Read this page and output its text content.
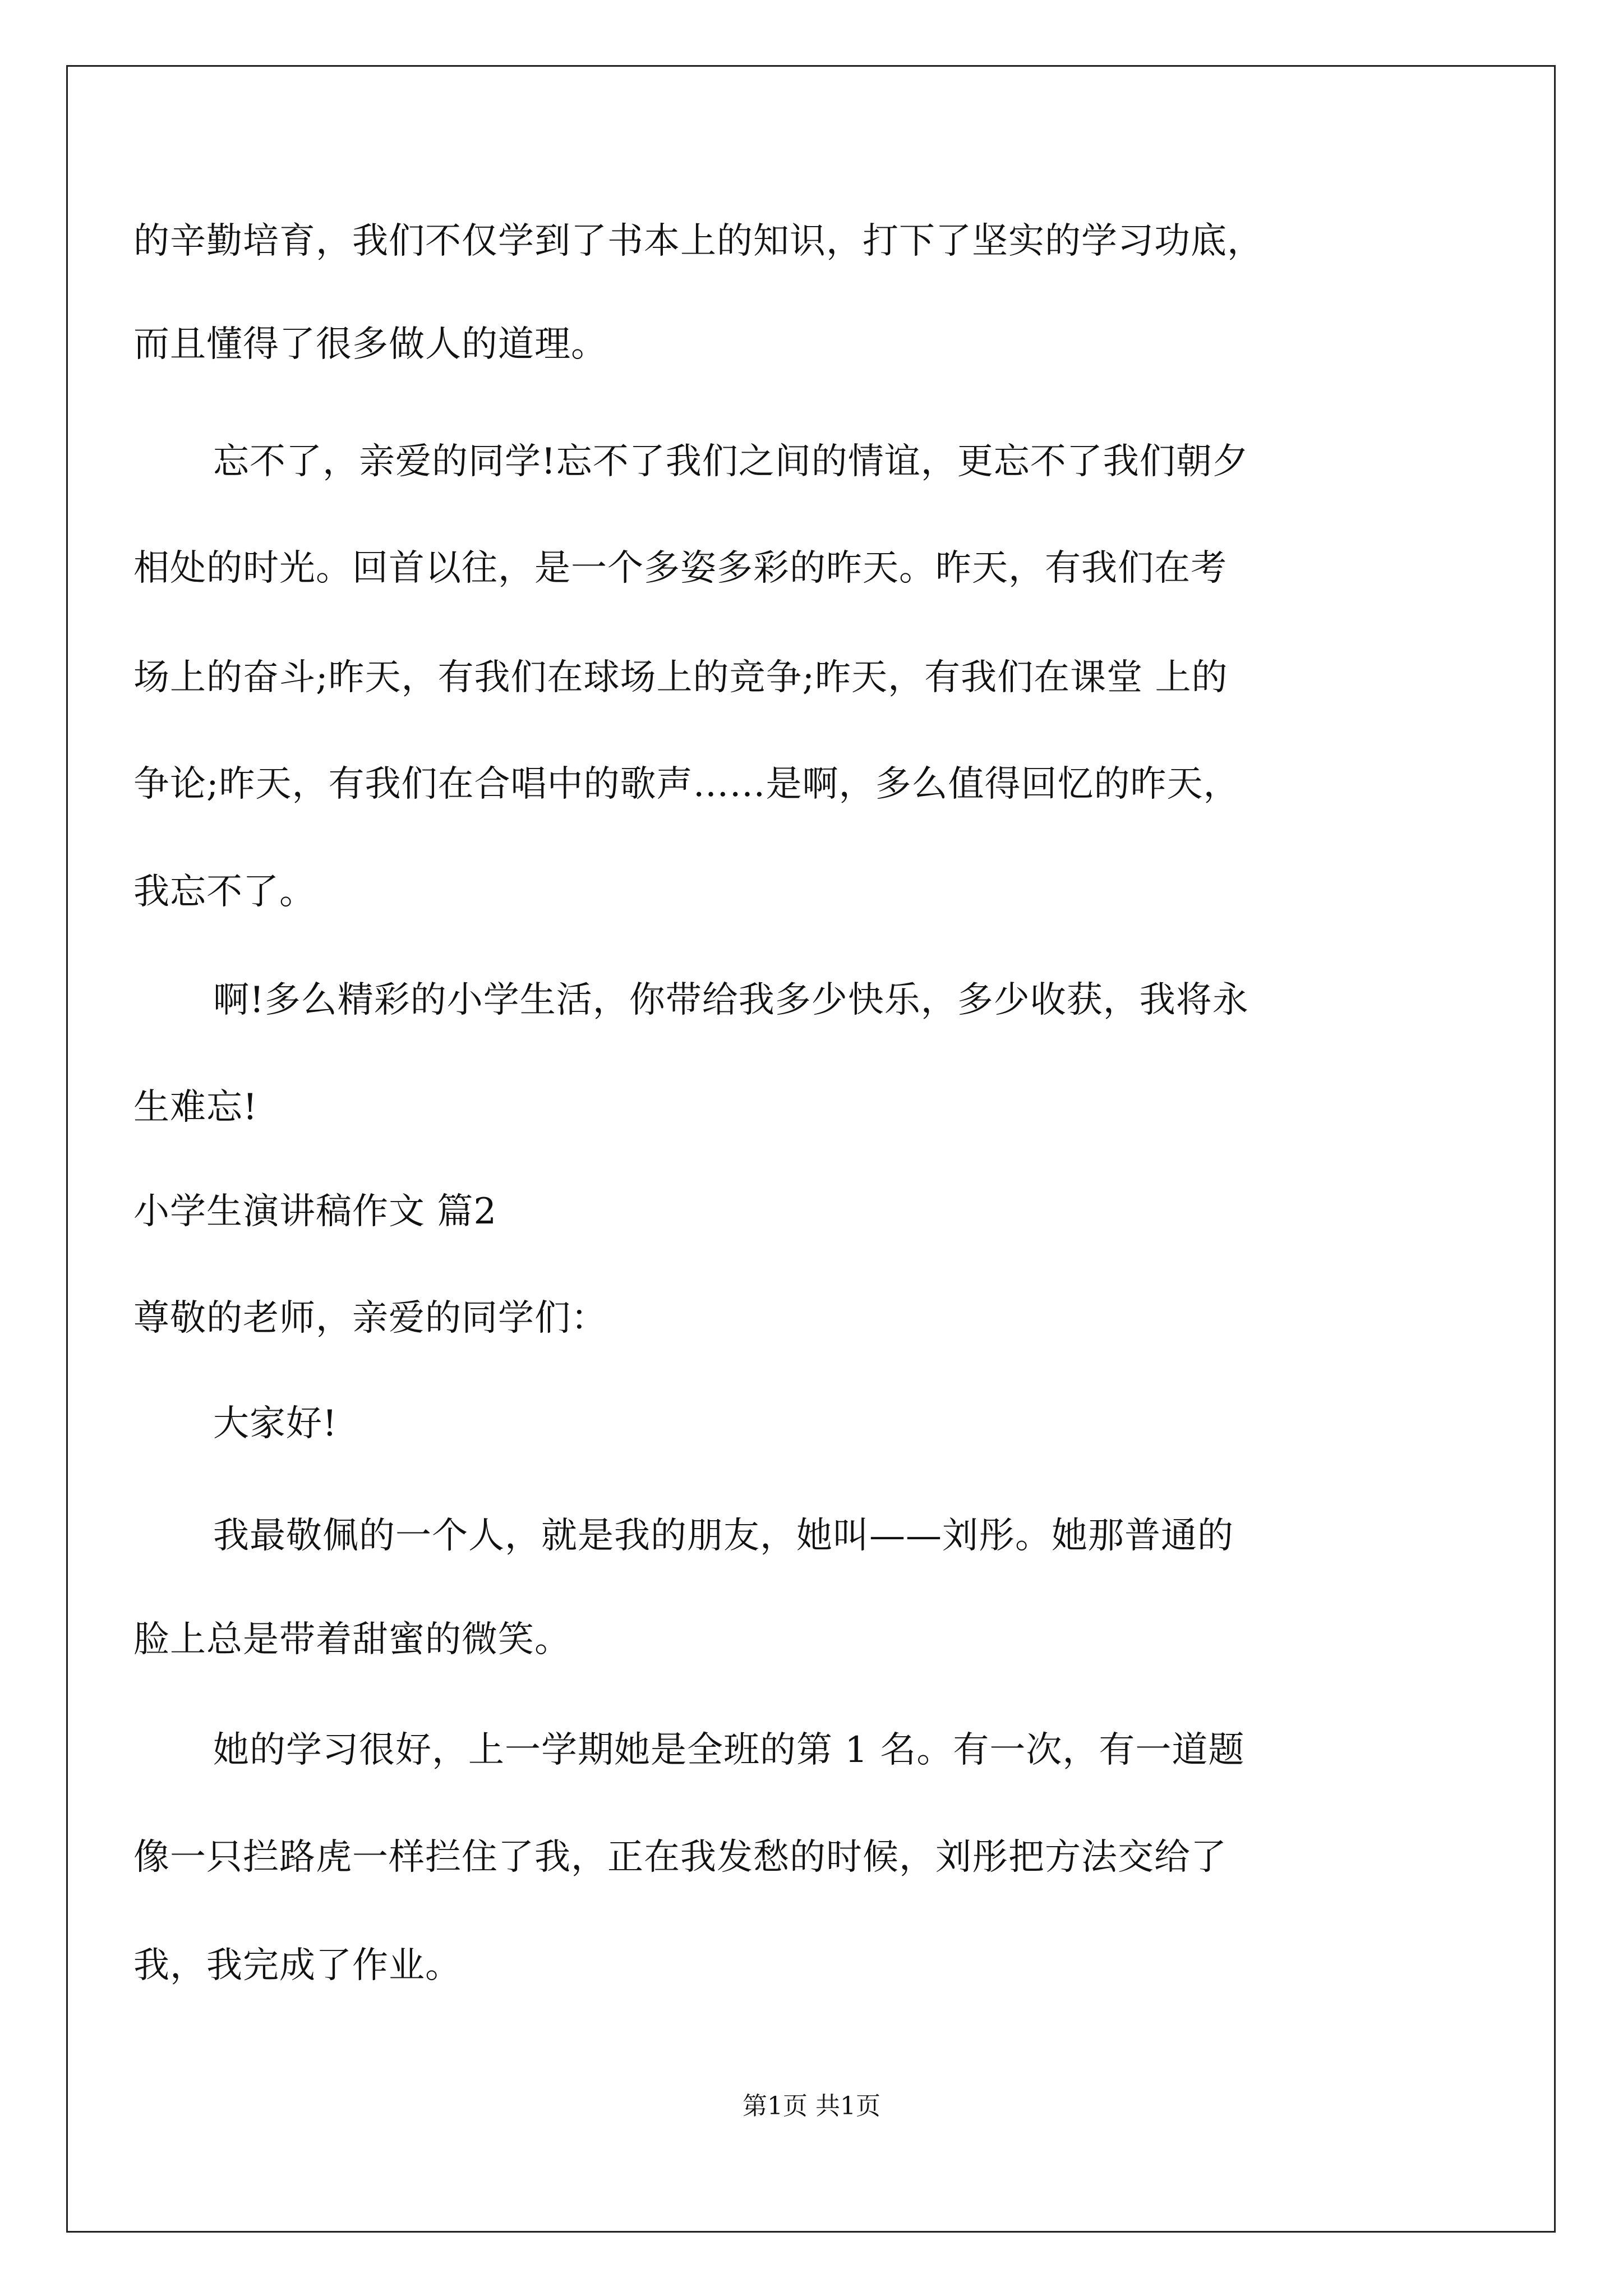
的辛勤培育，我们不仅学到了书本上的知识，打下了坚实的学习功底，
而且懂得了很多做人的道理。
忘不了，亲爱的同学!忘不了我们之间的情谊，更忘不了我们朝夕
相处的时光。回首以往，是一个多姿多彩的昨天。昨天，有我们在考
场上的奋斗;昨天，有我们在球场上的竞争;昨天，有我们在课堂 上的
争论;昨天，有我们在合唱中的歌声……是啊，多么值得回忆的昨天，
我忘不了。
啊!多么精彩的小学生活，你带给我多少快乐，多少收获，我将永
生难忘!
小学生演讲稿作文 篇2
尊敬的老师，亲爱的同学们：
大家好!
我最敬佩的一个人，就是我的朋友，她叫——刘彤。她那普通的
脸上总是带着甜蜜的微笑。
她的学习很好，上一学期她是全班的第 1 名。有一次，有一道题
像一只拦路虎一样拦住了我，正在我发愁的时候，刘彤把方法交给了
我，我完成了作业。
第1页 共1页
